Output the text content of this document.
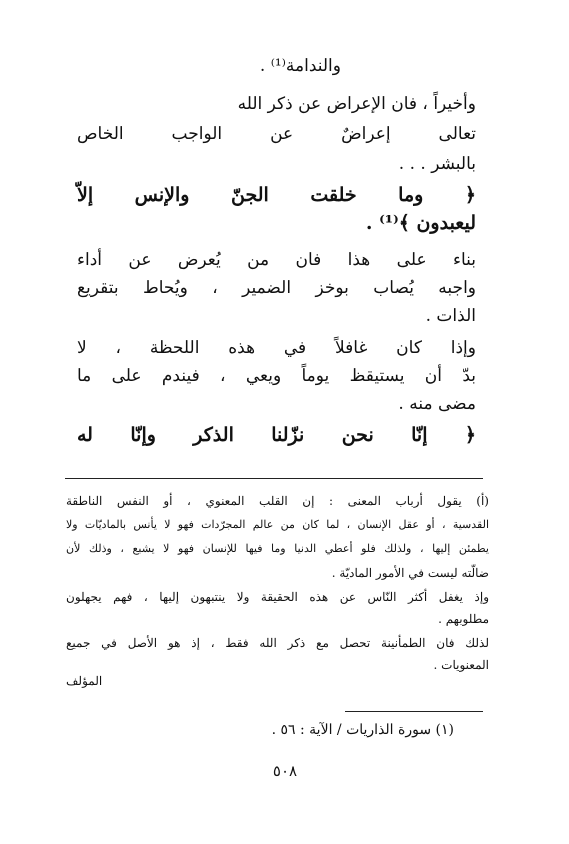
والندامة⁽¹⁾ .
وأخيراً ، فان الإعراض عن ذكر الله
تعالى إعراضٌ عن الواجب الخاص
بالبشر . . .
﴿ وما خلقت الجنّ والإنس إلاّ
ليعبدون ﴾⁽¹⁾ .
بناء على هذا فان من يُعرض عن أداء
واجبه يُصاب بوخز الضمير ، ويُحاط بتقريع
الذات .
وإذا كان غافلاً في هذه اللحظة ، لا
بدّ أن يستيقظ يوماً ويعي ، فيندم على ما
مضى منه .
﴿ إنّا نحن نزّلنا الذكر وإنّا له
(أ) يقول أرباب المعنى : إن القلب المعنوي ، أو النفس الناطقة
القدسية ، أو عقل الإنسان ، لما كان من عالم المجرّدات فهو لا يأنس بالماديّات ولا
يطمئن إليها ، ولذلك فلو أعطي الدنيا وما فيها للإنسان فهو لا يشبع ، وذلك لأن
ضالّته ليست في الأمور الماديّة .
وإذ يغفل أكثر النّاس عن هذه الحقيقة ولا ينتبهون إليها ، فهم يجهلون
مطلوبهم .
لذلك فان الطمأنينة تحصل مع ذكر الله فقط ، إذ هو الأصل في جميع
المعنويات .
المؤلف
(١) سورة الذاريات / الآية : ٥٦ .
٥٠٨
